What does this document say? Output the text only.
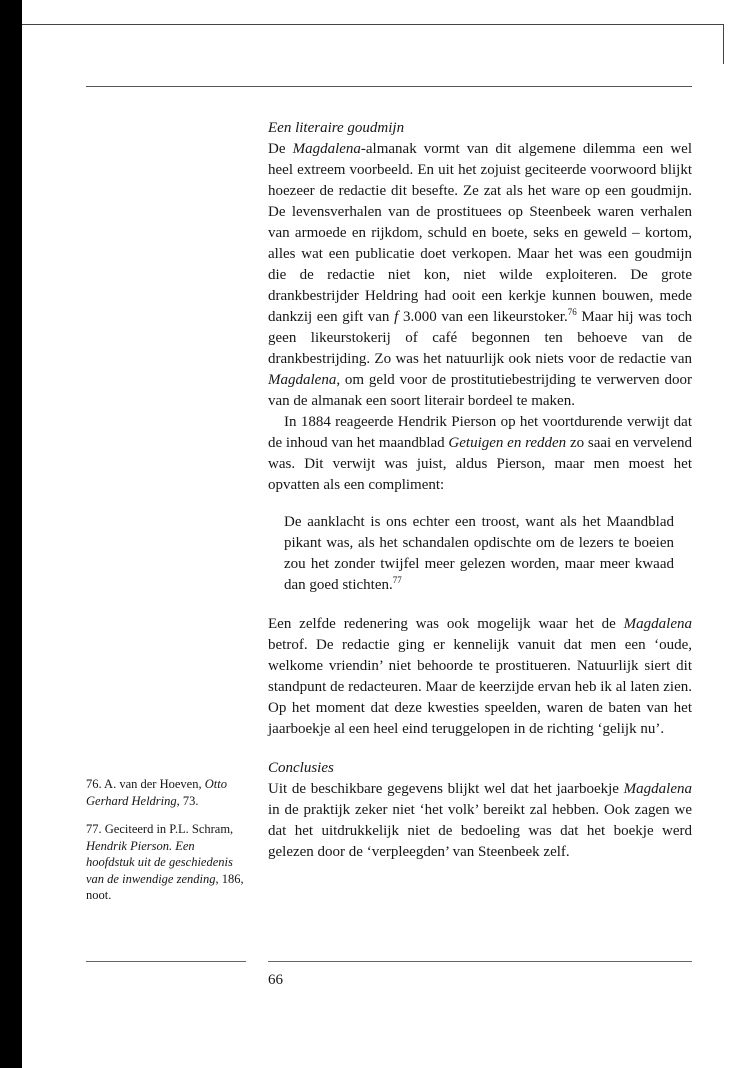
Een literaire goudmijn

De Magdalena-almanak vormt van dit algemene dilemma een wel heel extreem voorbeeld. En uit het zojuist geciteerde voorwoord blijkt hoezeer de redactie dit besefte. Ze zat als het ware op een goudmijn. De levensverhalen van de prostituees op Steenbeek waren verhalen van armoede en rijkdom, schuld en boete, seks en geweld – kortom, alles wat een publicatie doet verkopen. Maar het was een goudmijn die de redactie niet kon, niet wilde exploiteren. De grote drankbestrijder Heldring had ooit een kerkje kunnen bouwen, mede dankzij een gift van f 3.000 van een likeurstoker.$^{76}$ Maar hij was toch geen likeurstokerij of café begonnen ten behoeve van de drankbestrijding. Zo was het natuurlijk ook niets voor de redactie van Magdalena, om geld voor de prostitutiebestrijding te verwerven door van de almanak een soort literair bordeel te maken.

In 1884 reageerde Hendrik Pierson op het voortdurende verwijt dat de inhoud van het maandblad Getuigen en redden zo saai en vervelend was. Dit verwijt was juist, aldus Pierson, maar men moest het opvatten als een compliment:

De aanklacht is ons echter een troost, want als het Maandblad pikant was, als het schandalen opdischte om de lezers te boeien zou het zonder twijfel meer gelezen worden, maar meer kwaad dan goed stichten.$^{77}$

Een zelfde redenering was ook mogelijk waar het de Magdalena betrof. De redactie ging er kennelijk vanuit dat men een ‘oude, welkome vriendin’ niet behoorde te prostitueren. Natuurlijk siert dit standpunt de redacteuren. Maar de keerzijde ervan heb ik al laten zien. Op het moment dat deze kwesties speelden, waren de baten van het jaarboekje al een heel eind teruggelopen in de richting ‘gelijk nu’.

Conclusies

Uit de beschikbare gegevens blijkt wel dat het jaarboekje Magdalena in de praktijk zeker niet ‘het volk’ bereikt zal hebben. Ook zagen we dat het uitdrukkelijk niet de bedoeling was dat het boekje werd gelezen door de ‘verpleegden’ van Steenbeek zelf.

76. A. van der Hoeven, Otto Gerhard Heldring, 73.

77. Geciteerd in P.L. Schram, Hendrik Pierson. Een hoofdstuk uit de geschiedenis van de inwendige zending, 186, noot.

66
